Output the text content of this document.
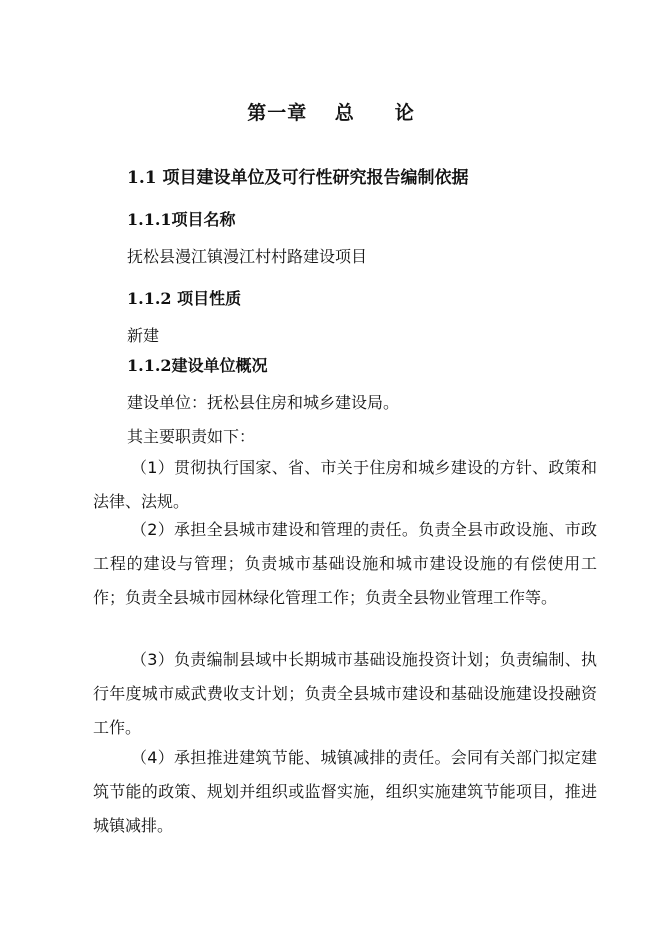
第一章　 总　　论
1.1 项目建设单位及可行性研究报告编制依据
1.1.1项目名称

抚松县漫江镇漫江村村路建设项目

1.1.2 项目性质

新建

1.1.2建设单位概况

建设单位：抚松县住房和城乡建设局。

其主要职责如下：

（1）贯彻执行国家、省、市关于住房和城乡建设的方针、政策和法律、法规。

（2）承担全县城市建设和管理的责任。负责全县市政设施、市政工程的建设与管理；负责城市基础设施和城市建设设施的有偿使用工作；负责全县城市园林绿化管理工作；负责全县物业管理工作等。

（3）负责编制县域中长期城市基础设施投资计划；负责编制、执行年度城市威武费收支计划；负责全县城市建设和基础设施建设投融资工作。

（4）承担推进建筑节能、城镇减排的责任。会同有关部门拟定建筑节能的政策、规划并组织或监督实施，组织实施建筑节能项目，推进城镇减排。
